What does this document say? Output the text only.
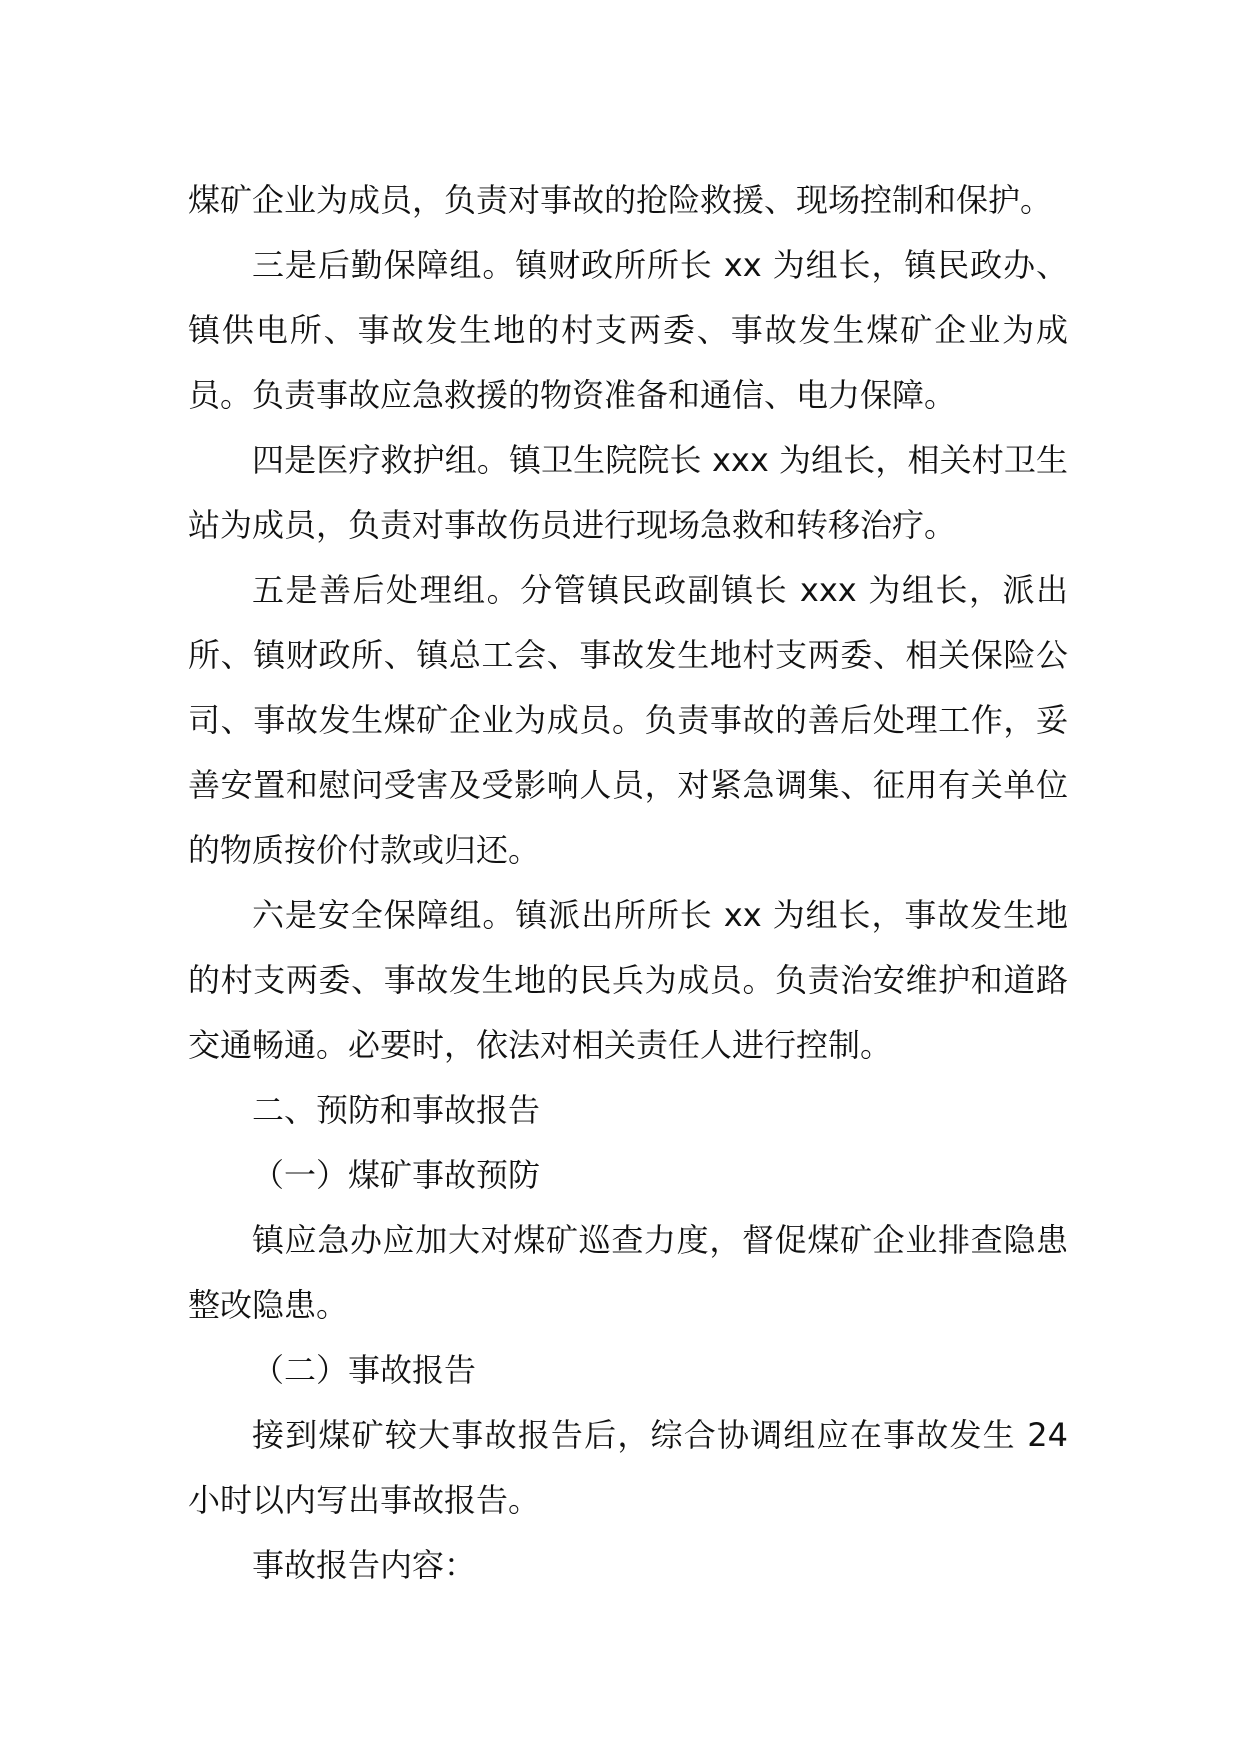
煤矿企业为成员，负责对事故的抢险救援、现场控制和保护。

三是后勤保障组。镇财政所所长 xx 为组长，镇民政办、镇供电所、事故发生地的村支两委、事故发生煤矿企业为成员。负责事故应急救援的物资准备和通信、电力保障。

四是医疗救护组。镇卫生院院长 xxx 为组长，相关村卫生站为成员，负责对事故伤员进行现场急救和转移治疗。

五是善后处理组。分管镇民政副镇长 xxx 为组长，派出所、镇财政所、镇总工会、事故发生地村支两委、相关保险公司、事故发生煤矿企业为成员。负责事故的善后处理工作，妥善安置和慰问受害及受影响人员，对紧急调集、征用有关单位的物质按价付款或归还。

六是安全保障组。镇派出所所长 xx 为组长，事故发生地的村支两委、事故发生地的民兵为成员。负责治安维护和道路交通畅通。必要时，依法对相关责任人进行控制。

二、预防和事故报告

（一）煤矿事故预防

镇应急办应加大对煤矿巡查力度，督促煤矿企业排查隐患整改隐患。

（二）事故报告

接到煤矿较大事故报告后，综合协调组应在事故发生 24 小时以内写出事故报告。

事故报告内容：
